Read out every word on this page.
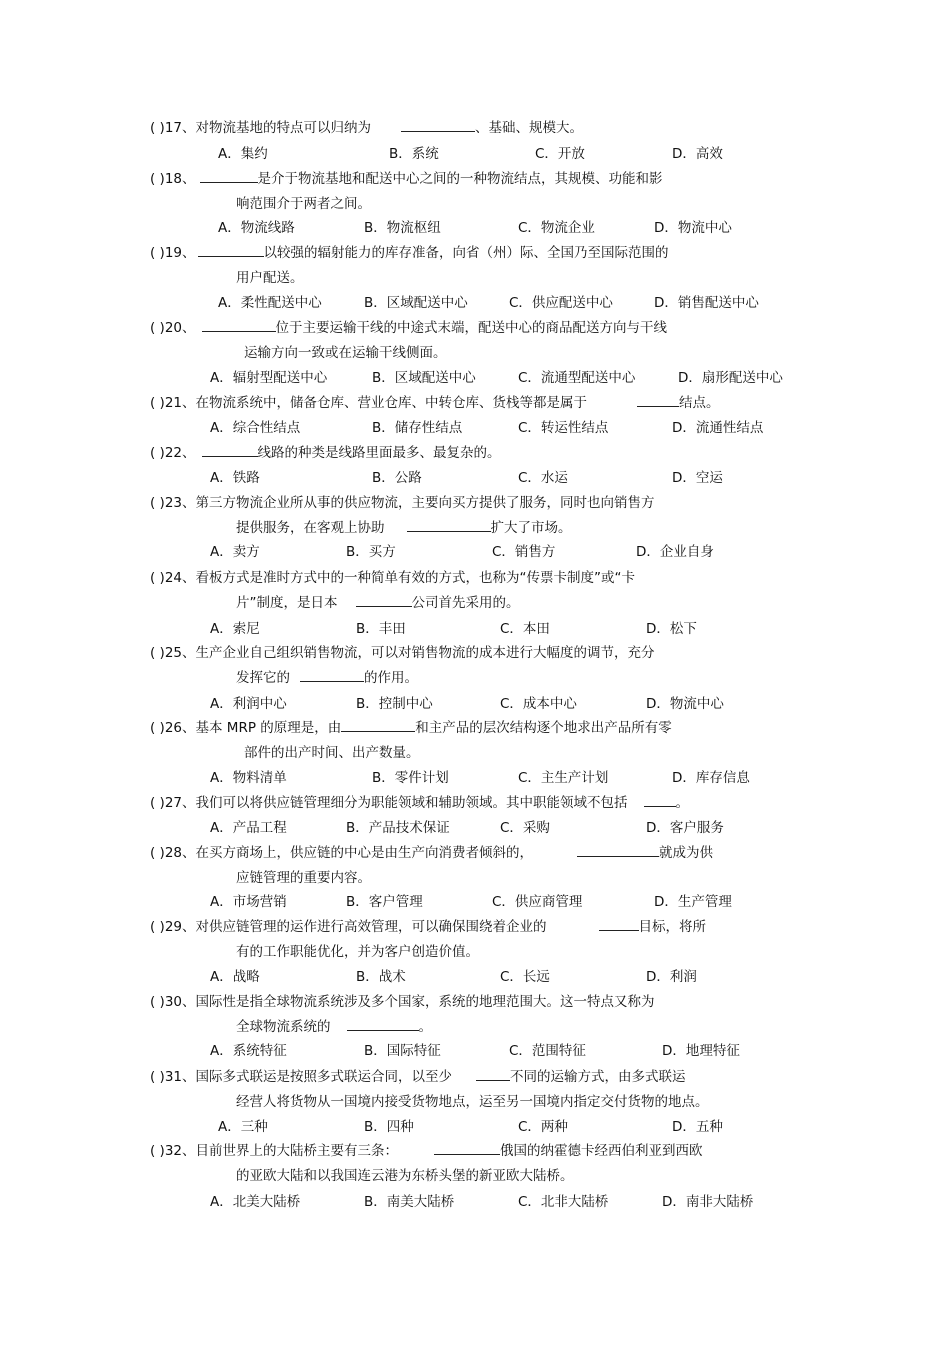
( )17、对物流基地的特点可以归纳为	、基础、规模大。
A．集约	B．系统	C．开放	D．高效
( )18、	是介于物流基地和配送中心之间的一种物流结点，其规模、功能和影
响范围介于两者之间。
A．物流线路	B．物流枢纽	C．物流企业	D．物流中心
( )19、	以较强的辐射能力的库存准备，向省（州）际、全国乃至国际范围的
用户配送。
A．柔性配送中心	B．区域配送中心	C．供应配送中心	D．销售配送中心
( )20、	位于主要运输干线的中途式末端，配送中心的商品配送方向与干线
运输方向一致或在运输干线侧面。
A．辐射型配送中心	B．区域配送中心	C．流通型配送中心	D．扇形配送中心
( )21、在物流系统中，储备仓库、营业仓库、中转仓库、货栈等都是属于	结点。
A．综合性结点	B．储存性结点	C．转运性结点	D．流通性结点
( )22、	线路的种类是线路里面最多、最复杂的。
A．铁路	B．公路	C．水运	D．空运
( )23、第三方物流企业所从事的供应物流，主要向买方提供了服务，同时也向销售方
提供服务，在客观上协助	扩大了市场。
A．卖方	B．买方	C．销售方	D．企业自身
( )24、看板方式是准时方式中的一种简单有效的方式，也称为“传票卡制度”或“卡
片”制度，是日本	公司首先采用的。
A．索尼	B．丰田	C．本田	D．松下
( )25、生产企业自己组织销售物流，可以对销售物流的成本进行大幅度的调节，充分
发挥它的	的作用。
A．利润中心	B．控制中心	C．成本中心	D．物流中心
( )26、基本 MRP 的原理是，由	和主产品的层次结构逐个地求出产品所有零
部件的出产时间、出产数量。
A．物料清单	B．零件计划	C．主生产计划	D．库存信息
( )27、我们可以将供应链管理细分为职能领域和辅助领域。其中职能领域不包括	。
A．产品工程	B．产品技术保证	C．采购	D．客户服务
( )28、在买方商场上，供应链的中心是由生产向消费者倾斜的，	就成为供
应链管理的重要内容。
A．市场营销	B．客户管理	C．供应商管理	D．生产管理
( )29、对供应链管理的运作进行高效管理，可以确保围绕着企业的	目标，将所
有的工作职能优化，并为客户创造价值。
A．战略	B．战术	C．长远	D．利润
( )30、国际性是指全球物流系统涉及多个国家，系统的地理范围大。这一特点又称为
全球物流系统的	。
A．系统特征	B．国际特征	C．范围特征	D．地理特征
( )31、国际多式联运是按照多式联运合同，以至少	不同的运输方式，由多式联运
经营人将货物从一国境内接受货物地点，运至另一国境内指定交付货物的地点。
A．三种	B．四种	C．两种	D．五种
( )32、目前世界上的大陆桥主要有三条：	俄国的纳霍德卡经西伯利亚到西欧
的亚欧大陆和以我国连云港为东桥头堡的新亚欧大陆桥。
A．北美大陆桥	B．南美大陆桥	C．北非大陆桥	D．南非大陆桥
